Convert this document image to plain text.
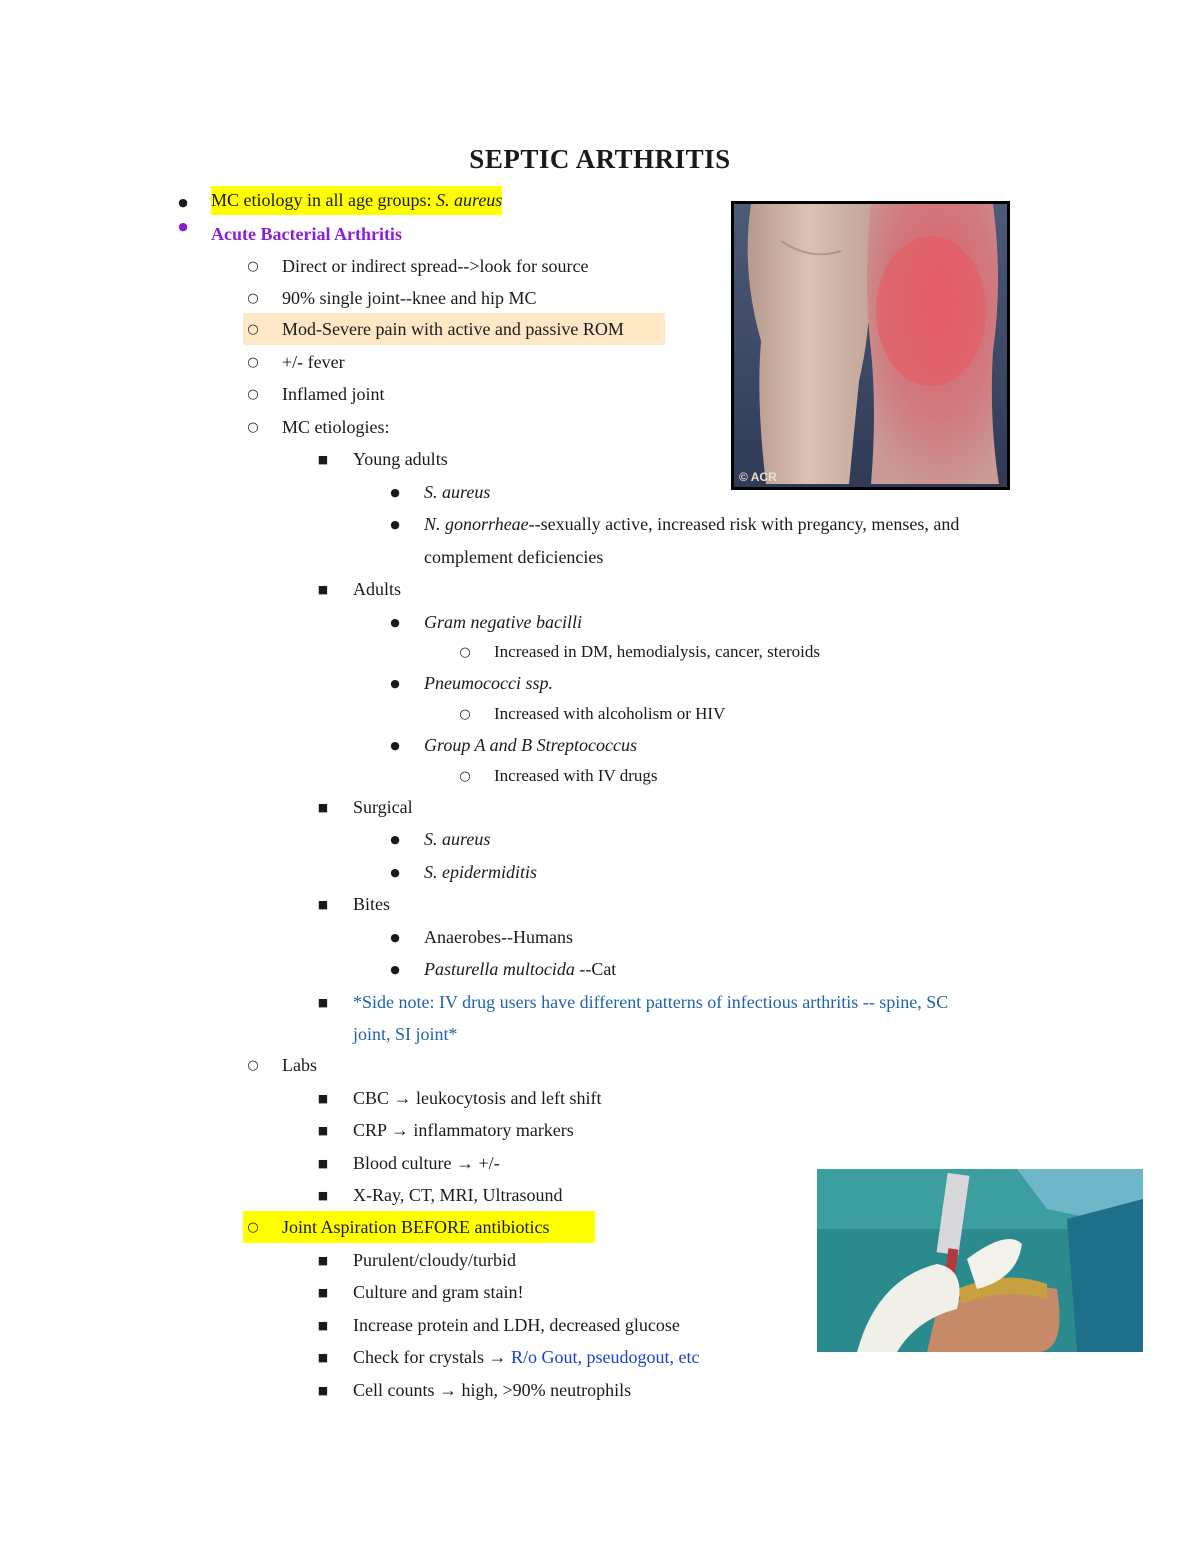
SEPTIC ARTHRITIS
© ACR
●
MC etiology in all age groups: S. aureus
●
Acute Bacterial Arthritis
○
Direct or indirect spread-->look for source
○
90% single joint--knee and hip MC
○
Mod-Severe pain with active and passive ROM
○
+/- fever
○
Inflamed joint
○
MC etiologies:
■
Young adults
●
S. aureus
●
N. gonorrheae--sexually active, increased risk with pregancy, menses, and
complement deficiencies
■
Adults
●
Gram negative bacilli
○
Increased in DM, hemodialysis, cancer, steroids
●
Pneumococci ssp.
○
Increased with alcoholism or HIV
●
Group A and B Streptococcus
○
Increased with IV drugs
■
Surgical
●
S. aureus
●
S. epidermiditis
■
Bites
●
Anaerobes--Humans
●
Pasturella multocida --Cat
■
*Side note: IV drug users have different patterns of infectious arthritis -- spine, SC
joint, SI joint*
○
Labs
■
CBC → leukocytosis and left shift
■
CRP → inflammatory markers
■
Blood culture → +/-
■
X-Ray, CT, MRI, Ultrasound
○
Joint Aspiration BEFORE antibiotics
■
Purulent/cloudy/turbid
■
Culture and gram stain!
■
Increase protein and LDH, decreased glucose
■
Check for crystals → R/o Gout, pseudogout, etc
■
Cell counts → high, >90% neutrophils
